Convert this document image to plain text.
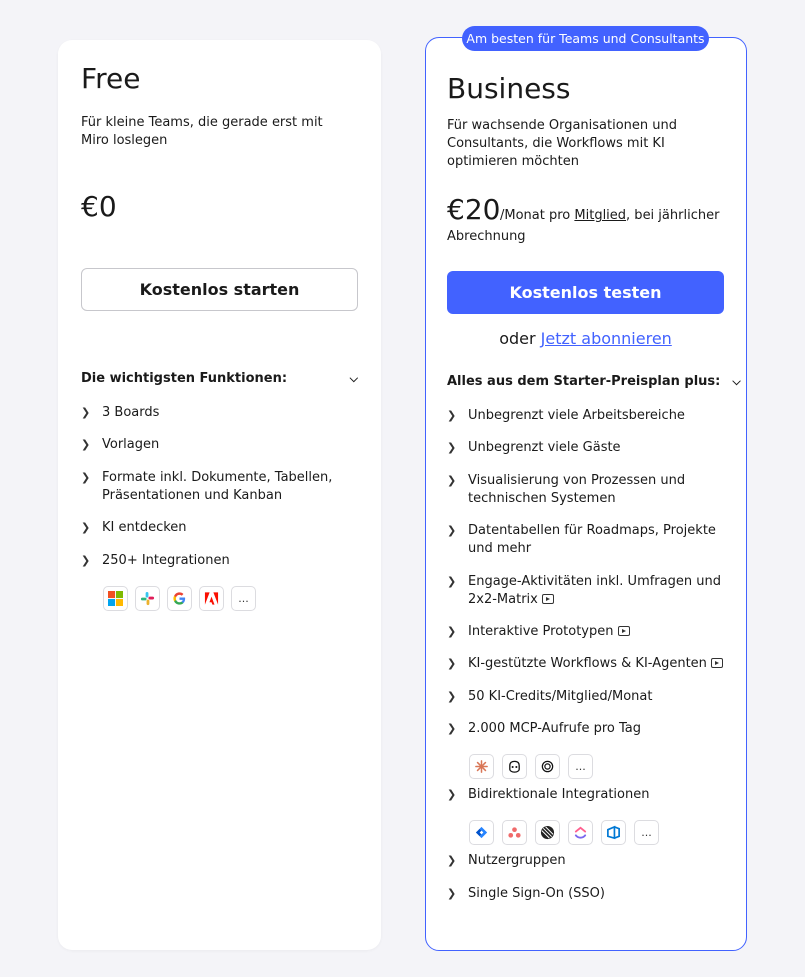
Free
Für kleine Teams, die gerade erst mit Miro loslegen
€0
Kostenlos starten
Die wichtigsten Funktionen:	⌵
❯ 3 Boards
❯ Vorlagen
❯ Formate inkl. Dokumente, Tabellen, Präsentationen und Kanban
❯ KI entdecken
❯ 250+ Integrationen
...
Am besten für Teams und Consultants
Business
Für wachsende Organisationen und Consultants, die Workflows mit KI optimieren möchten
€20 /Monat pro Mitglied, bei jährlicher Abrechnung
Kostenlos testen
oder Jetzt abonnieren
Alles aus dem Starter-Preisplan plus: ⌵
❯ Unbegrenzt viele Arbeitsbereiche
❯ Unbegrenzt viele Gäste
❯ Visualisierung von Prozessen und technischen Systemen
❯ Datentabellen für Roadmaps, Projekte und mehr
❯ Engage-Aktivitäten inkl. Umfragen und 2x2-Matrix
❯ Interaktive Prototypen
❯ KI-gestützte Workflows & KI-Agenten
❯ 50 KI-Credits/Mitglied/Monat
❯ 2.000 MCP-Aufrufe pro Tag
...
❯ Bidirektionale Integrationen
...
❯ Nutzergruppen
❯ Single Sign-On (SSO)
